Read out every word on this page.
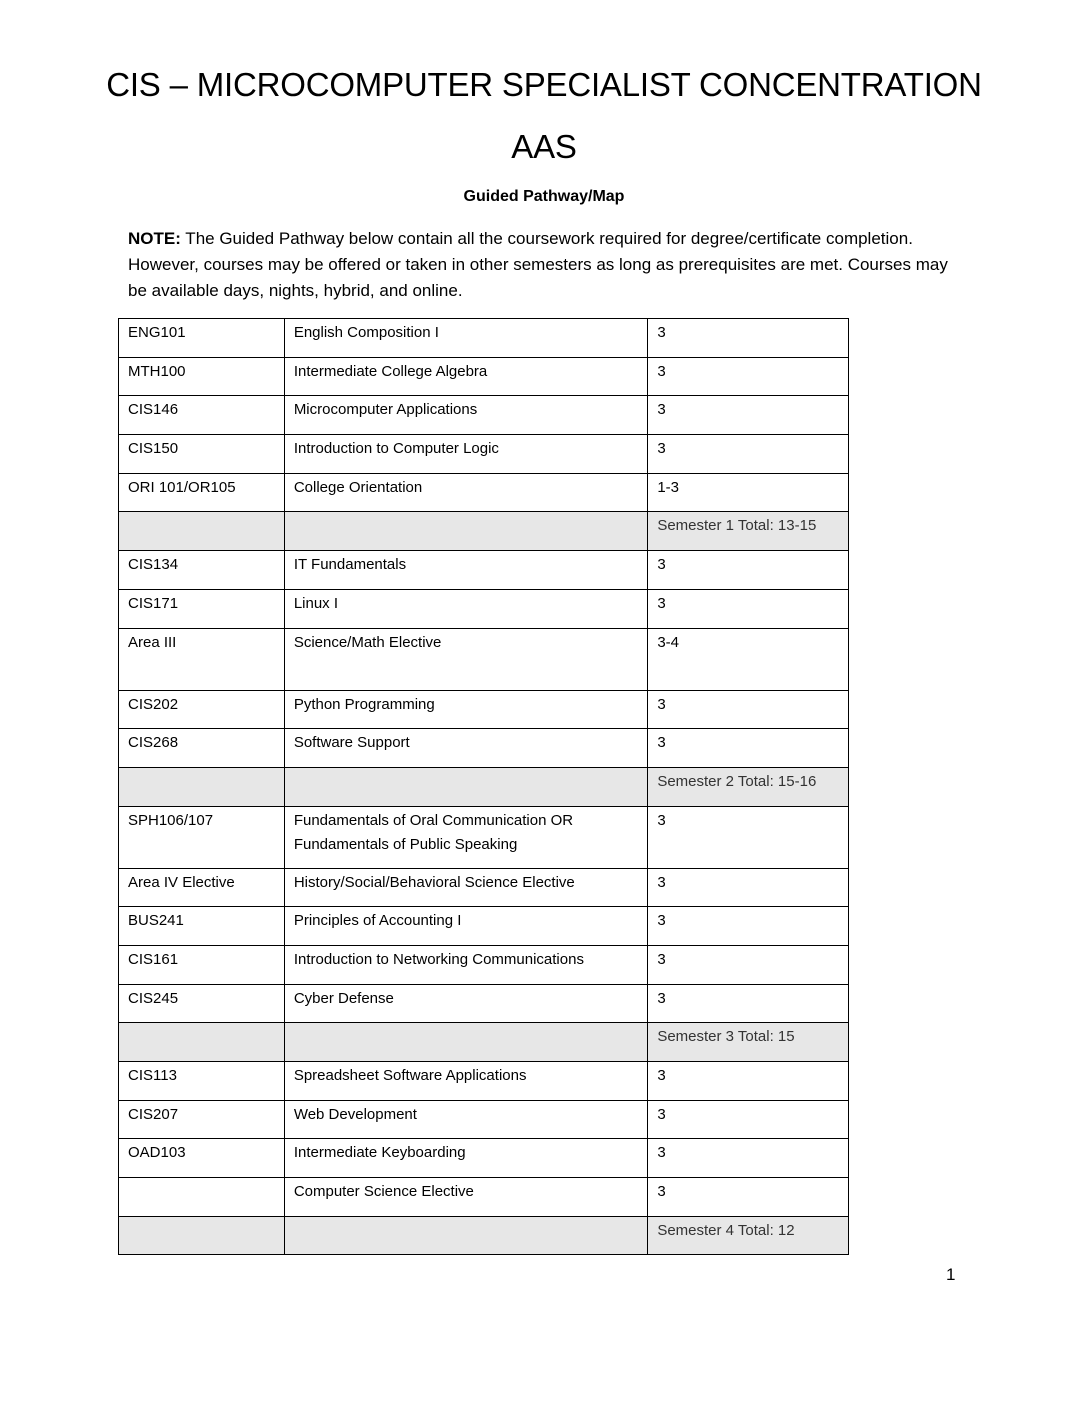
CIS – MICROCOMPUTER SPECIALIST CONCENTRATION
AAS
Guided Pathway/Map
NOTE: The Guided Pathway below contain all the coursework required for degree/certificate completion. However, courses may be offered or taken in other semesters as long as prerequisites are met. Courses may be available days, nights, hybrid, and online.
ENG101	English Composition I	3
MTH100	Intermediate College Algebra	3
CIS146	Microcomputer Applications	3
CIS150	Introduction to Computer Logic	3
ORI 101/OR105	College Orientation	1-3
		Semester 1 Total: 13-15
CIS134	IT Fundamentals	3
CIS171	Linux I	3
Area III	Science/Math Elective	3-4
CIS202	Python Programming	3
CIS268	Software Support	3
		Semester 2 Total: 15-16
SPH106/107	Fundamentals of Oral Communication OR
Fundamentals of Public Speaking	3
Area IV Elective	History/Social/Behavioral Science Elective	3
BUS241	Principles of Accounting I	3
CIS161	Introduction to Networking Communications	3
CIS245	Cyber Defense	3
		Semester 3 Total: 15
CIS113	Spreadsheet Software Applications	3
CIS207	Web Development	3
OAD103	Intermediate Keyboarding	3
	Computer Science Elective	3
		Semester 4 Total: 12
1
